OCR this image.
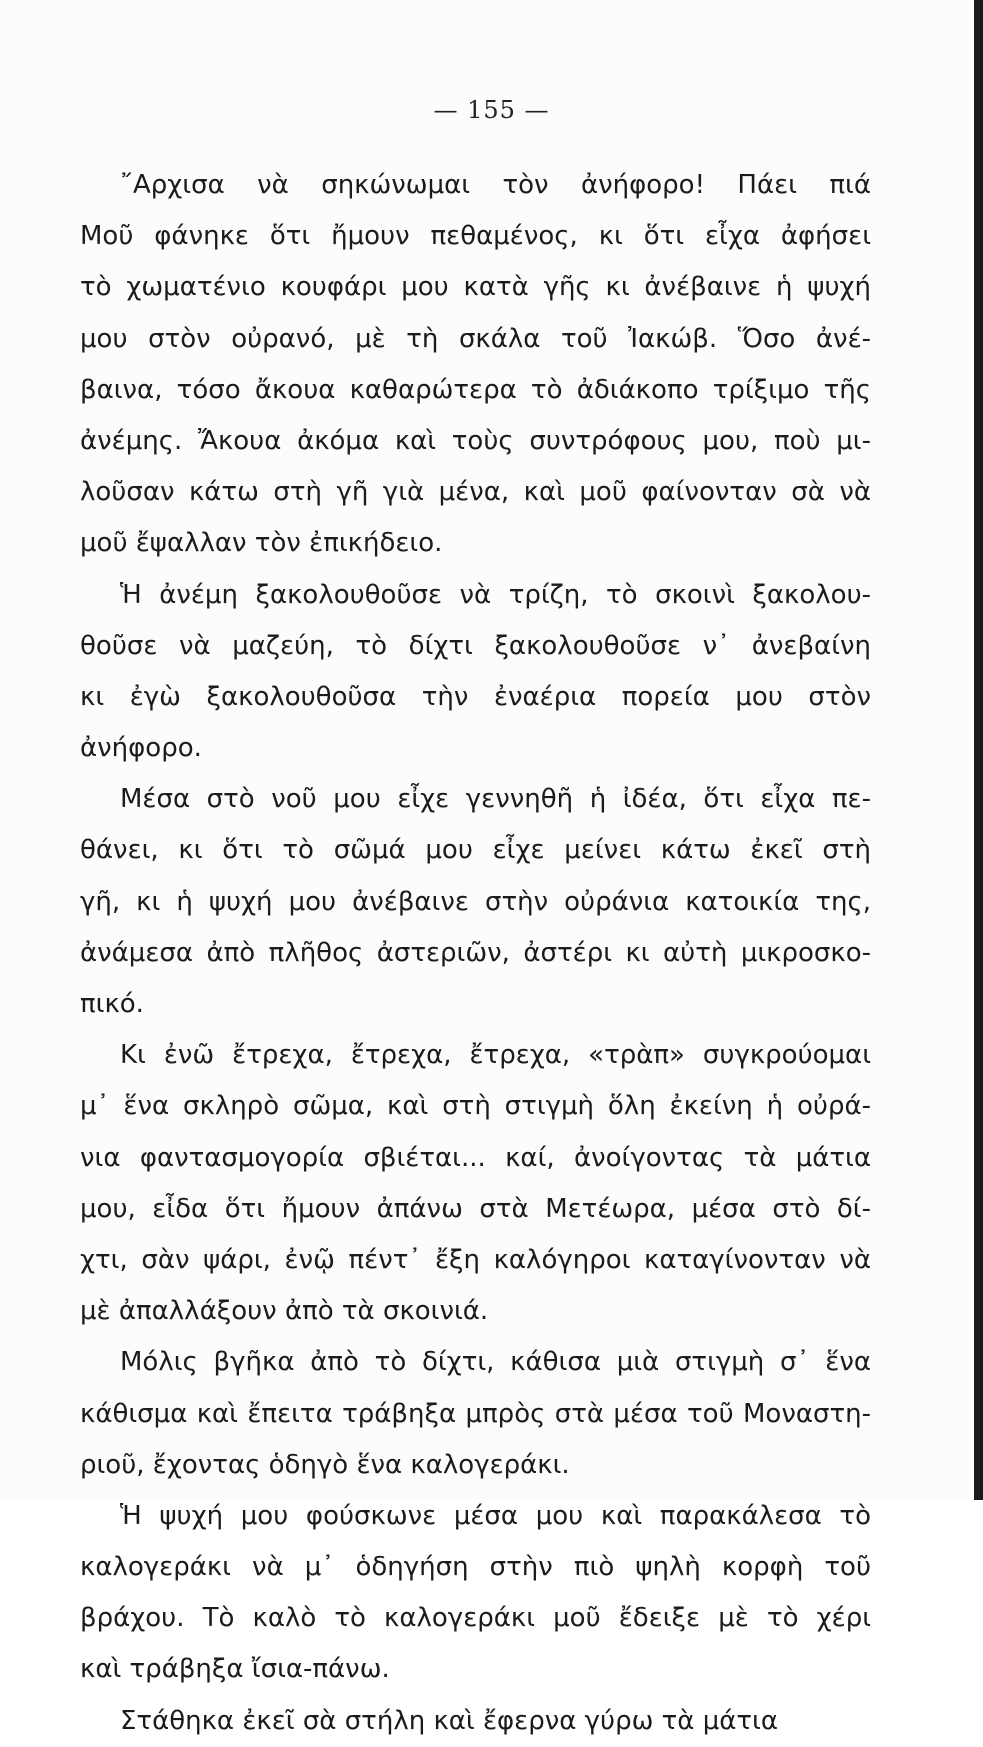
— 155 —
῎Αρχισα νὰ σηκώνωμαι τὸν ἀνήφορο! Πάει πιά
Μοῦ φάνηκε ὅτι ἤμουν πεθαμένος, κι ὅτι εἶχα ἀφήσει
τὸ χωματένιο κουφάρι μου κατὰ γῆς κι ἀνέβαινε ἡ ψυχή
μου στὸν οὐρανό, μὲ τὴ σκάλα τοῦ Ἰακώβ. Ὅσο ἀνέ-
βαινα, τόσο ἄκουα καθαρώτερα τὸ ἀδιάκοπο τρίξιμο τῆς
ἀνέμης. Ἄκουα ἀκόμα καὶ τοὺς συντρόφους μου, ποὺ μι-
λοῦσαν κάτω στὴ γῆ γιὰ μένα, καὶ μοῦ φαίνονταν σὰ νὰ
μοῦ ἔψαλλαν τὸν ἐπικήδειο.
Ἡ ἀνέμη ξακολουθοῦσε νὰ τρίζη, τὸ σκοινὶ ξακολου-
θοῦσε νὰ μαζεύη, τὸ δίχτι ξακολουθοῦσε ν᾽ ἀνεβαίνη
κι ἐγὼ ξακολουθοῦσα τὴν ἐναέρια πορεία μου στὸν
ἀνήφορο.
Μέσα στὸ νοῦ μου εἶχε γεννηθῆ ἡ ἰδέα, ὅτι εἶχα πε-
θάνει, κι ὅτι τὸ σῶμά μου εἶχε μείνει κάτω ἐκεῖ στὴ
γῆ, κι ἡ ψυχή μου ἀνέβαινε στὴν οὐράνια κατοικία της,
ἀνάμεσα ἀπὸ πλῆθος ἀστεριῶν, ἀστέρι κι αὐτὴ μικροσκο-
πικό.
Κι ἐνῶ ἔτρεχα, ἔτρεχα, ἔτρεχα, «τρὰπ» συγκρούομαι
μ᾽ ἕνα σκληρὸ σῶμα, καὶ στὴ στιγμὴ ὅλη ἐκείνη ἡ οὐρά-
νια φαντασμογορία σβιέται... καί, ἀνοίγοντας τὰ μάτια
μου, εἶδα ὅτι ἤμουν ἀπάνω στὰ Μετέωρα, μέσα στὸ δί-
χτι, σὰν ψάρι, ἐνῷ πέντ᾽ ἔξη καλόγηροι καταγίνονταν νὰ
μὲ ἀπαλλάξουν ἀπὸ τὰ σκοινιά.
Μόλις βγῆκα ἀπὸ τὸ δίχτι, κάθισα μιὰ στιγμὴ σ᾽ ἕνα
κάθισμα καὶ ἔπειτα τράβηξα μπρὸς στὰ μέσα τοῦ Μοναστη-
ριοῦ, ἔχοντας ὁδηγὸ ἕνα καλογεράκι.
Ἡ ψυχή μου φούσκωνε μέσα μου καὶ παρακάλεσα τὸ
καλογεράκι νὰ μ᾽ ὁδηγήση στὴν πιὸ ψηλὴ κορφὴ τοῦ
βράχου. Τὸ καλὸ τὸ καλογεράκι μοῦ ἔδειξε μὲ τὸ χέρι
καὶ τράβηξα ἴσια-πάνω.
Στάθηκα ἐκεῖ σὰ στήλη καὶ ἔφερνα γύρω τὰ μάτια
